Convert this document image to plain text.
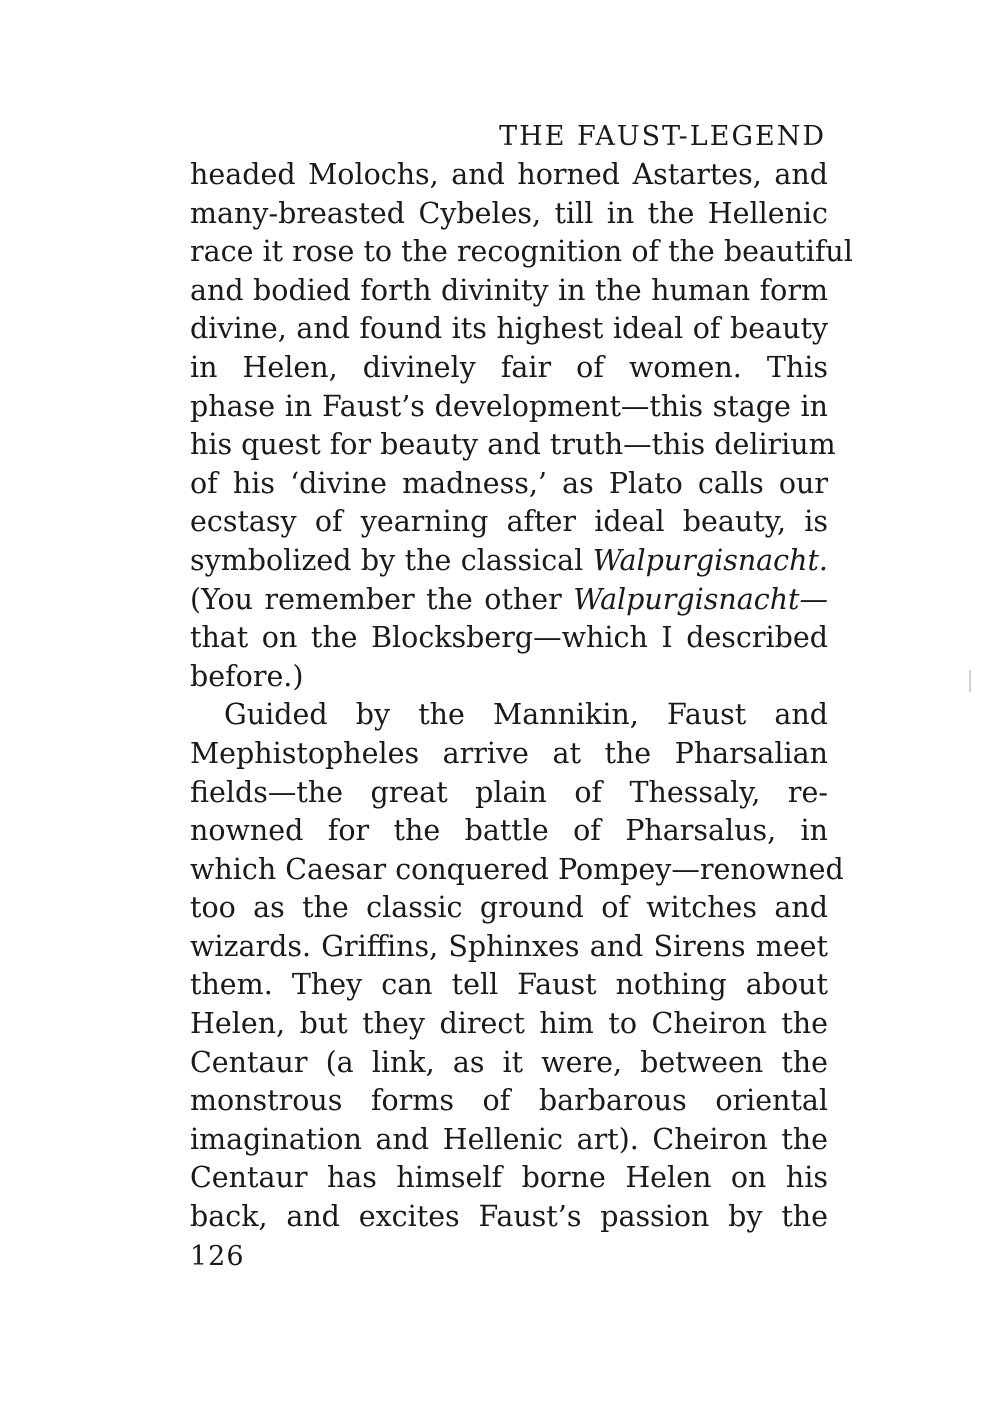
THE FAUST-LEGEND

headed Molochs, and horned Astartes, and
many-breasted Cybeles, till in the Hellenic
race it rose to the recognition of the beautiful
and bodied forth divinity in the human form
divine, and found its highest ideal of beauty
in Helen, divinely fair of women. This
phase in Faust’s development—this stage in
his quest for beauty and truth—this delirium
of his ‘divine madness,’ as Plato calls our
ecstasy of yearning after ideal beauty, is
symbolized by the classical Walpurgisnacht.
(You remember the other Walpurgisnacht—
that on the Blocksberg—which I described
before.)

Guided by the Mannikin, Faust and
Mephistopheles arrive at the Pharsalian
fields—the great plain of Thessaly, re-
nowned for the battle of Pharsalus, in
which Caesar conquered Pompey—renowned
too as the classic ground of witches and
wizards. Griffins, Sphinxes and Sirens meet
them. They can tell Faust nothing about
Helen, but they direct him to Cheiron the
Centaur (a link, as it were, between the
monstrous forms of barbarous oriental
imagination and Hellenic art). Cheiron the
Centaur has himself borne Helen on his
back, and excites Faust’s passion by the

126
